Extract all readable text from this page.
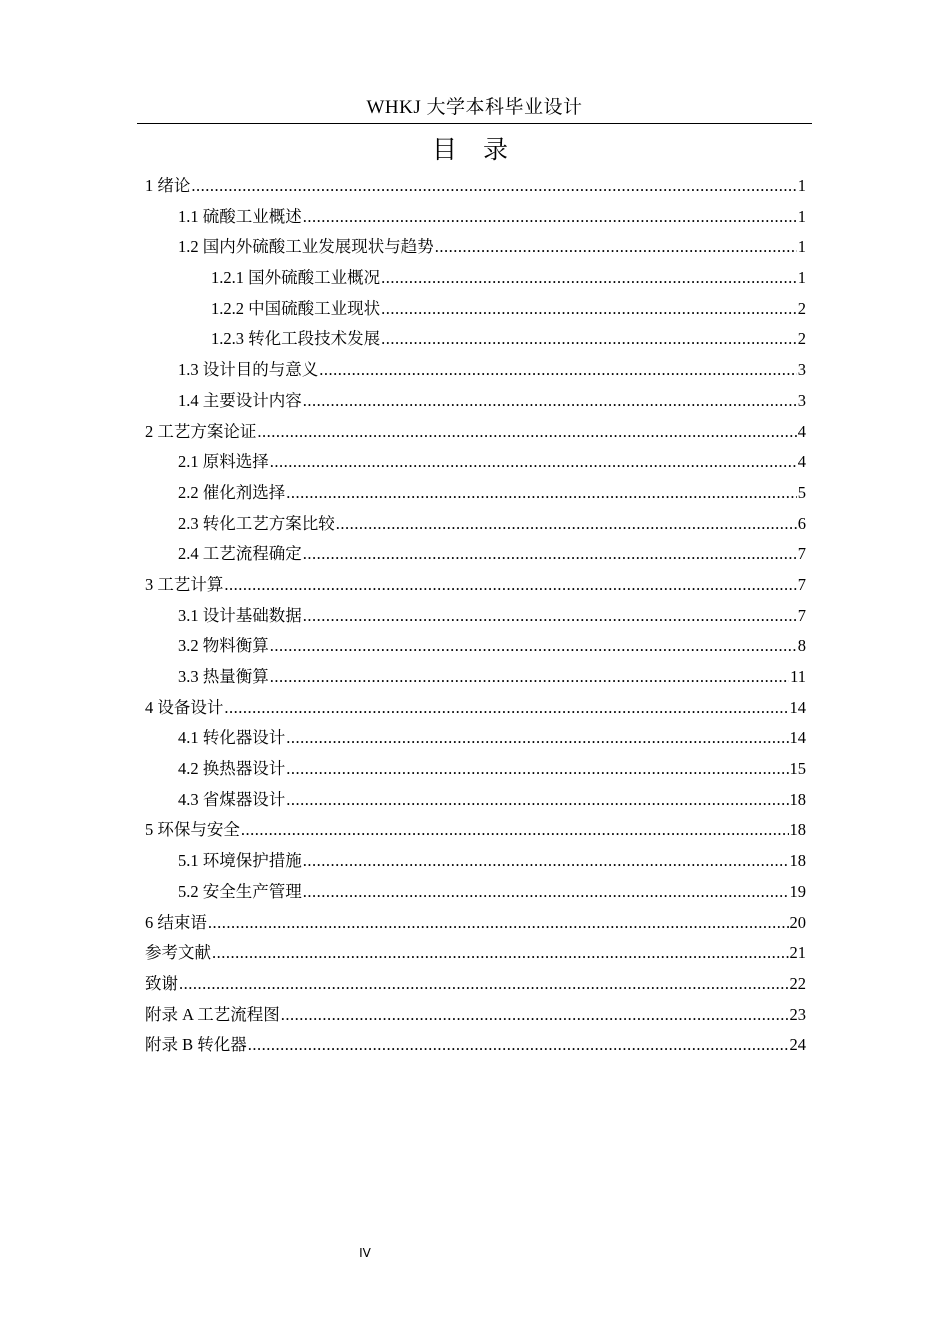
WHKJ 大学本科毕业设计
目 录
1 绪论 .....	1
1.1 硫酸工业概述 .....	1
1.2 国内外硫酸工业发展现状与趋势 .....	1
1.2.1 国外硫酸工业概况 .....	1
1.2.2 中国硫酸工业现状 .....	2
1.2.3 转化工段技术发展 .....	2
1.3 设计目的与意义 .....	3
1.4 主要设计内容 .....	3
2 工艺方案论证 .....	4
2.1 原料选择 .....	4
2.2 催化剂选择 .....	5
2.3 转化工艺方案比较 .....	6
2.4 工艺流程确定 .....	7
3 工艺计算 .....	7
3.1 设计基础数据 .....	7
3.2 物料衡算 .....	8
3.3 热量衡算 .....	11
4 设备设计 .....	14
4.1 转化器设计 .....	14
4.2 换热器设计 .....	15
4.3 省煤器设计 .....	18
5 环保与安全 .....	18
5.1 环境保护措施 .....	18
5.2 安全生产管理 .....	19
6 结束语 .....	20
参考文献 .....	21
致谢 .....	22
附录 A 工艺流程图 .....	23
附录 B 转化器 .....	24
IV
